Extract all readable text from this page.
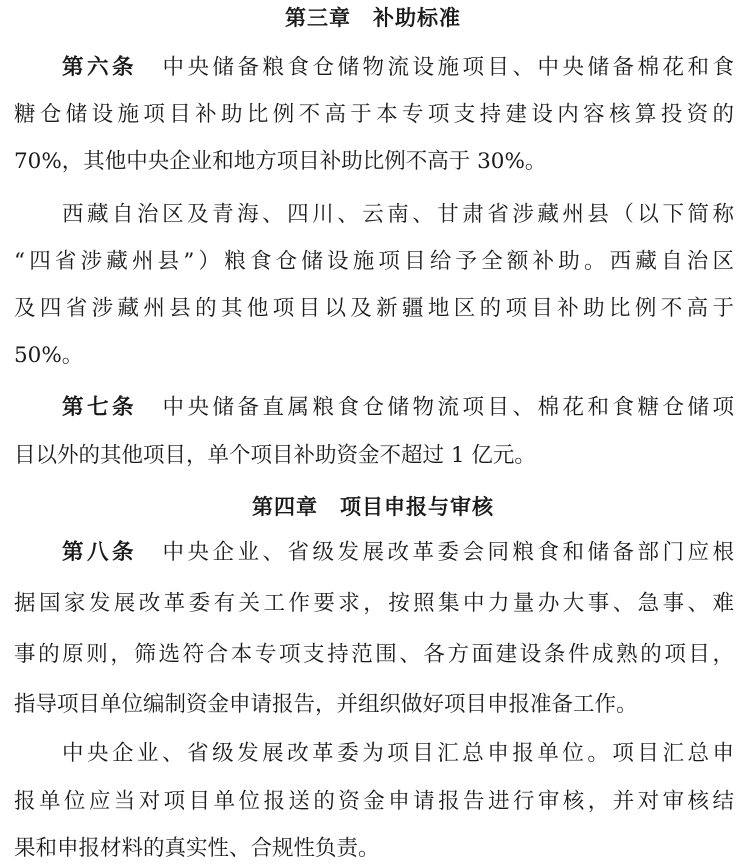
第三章　补助标准
第六条 中央储备粮食仓储物流设施项目、中央储备棉花和食
糖仓储设施项目补助比例不高于本专项支持建设内容核算投资的
70%，其他中央企业和地方项目补助比例不高于 30%。
西藏自治区及青海、四川、云南、甘肃省涉藏州县（以下简称
“四省涉藏州县”）粮食仓储设施项目给予全额补助。西藏自治区
及四省涉藏州县的其他项目以及新疆地区的项目补助比例不高于
50%。
第七条 中央储备直属粮食仓储物流项目、棉花和食糖仓储项
目以外的其他项目，单个项目补助资金不超过 1 亿元。
第四章　项目申报与审核
第八条 中央企业、省级发展改革委会同粮食和储备部门应根
据国家发展改革委有关工作要求，按照集中力量办大事、急事、难
事的原则，筛选符合本专项支持范围、各方面建设条件成熟的项目，
指导项目单位编制资金申请报告，并组织做好项目申报准备工作。
中央企业、省级发展改革委为项目汇总申报单位。项目汇总申
报单位应当对项目单位报送的资金申请报告进行审核，并对审核结
果和申报材料的真实性、合规性负责。
